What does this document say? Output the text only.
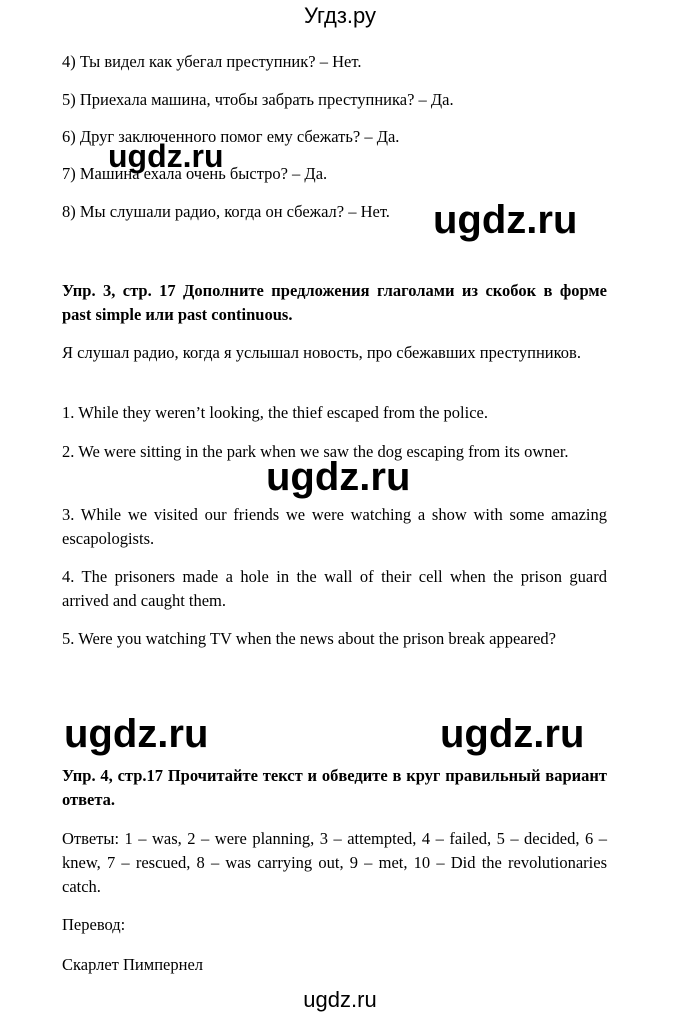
Угдз.ру
4) Ты видел как убегал преступник? – Нет.
5) Приехала машина, чтобы забрать преступника? – Да.
6) Друг заключенного помог ему сбежать? – Да.
7) Машина ехала очень быстро? – Да.
8) Мы слушали радио, когда он сбежал? – Нет.
ugdz.ru
ugdz.ru
Упр. 3, стр. 17 Дополните предложения глаголами из скобок в форме past simple или past continuous.
Я слушал радио, когда я услышал новость, про сбежавших преступников.
1. While they weren’t looking, the thief escaped from the police.
2. We were sitting in the park when we saw the dog escaping from its owner.
3. While we visited our friends we were watching a show with some amazing escapologists.
4. The prisoners made a hole in the wall of their cell when the prison guard arrived and caught them.
5. Were you watching TV when the news about the prison break appeared?
ugdz.ru
ugdz.ru	ugdz.ru
Упр. 4, стр.17 Прочитайте текст и обведите в круг правильный вариант ответа.
Ответы: 1 – was, 2 – were planning, 3 – attempted, 4 – failed, 5 – decided, 6 – knew, 7 – rescued, 8 – was carrying out, 9 – met, 10 – Did the revolutionaries catch.
Перевод:
Скарлет Пимпернел
ugdz.ru
